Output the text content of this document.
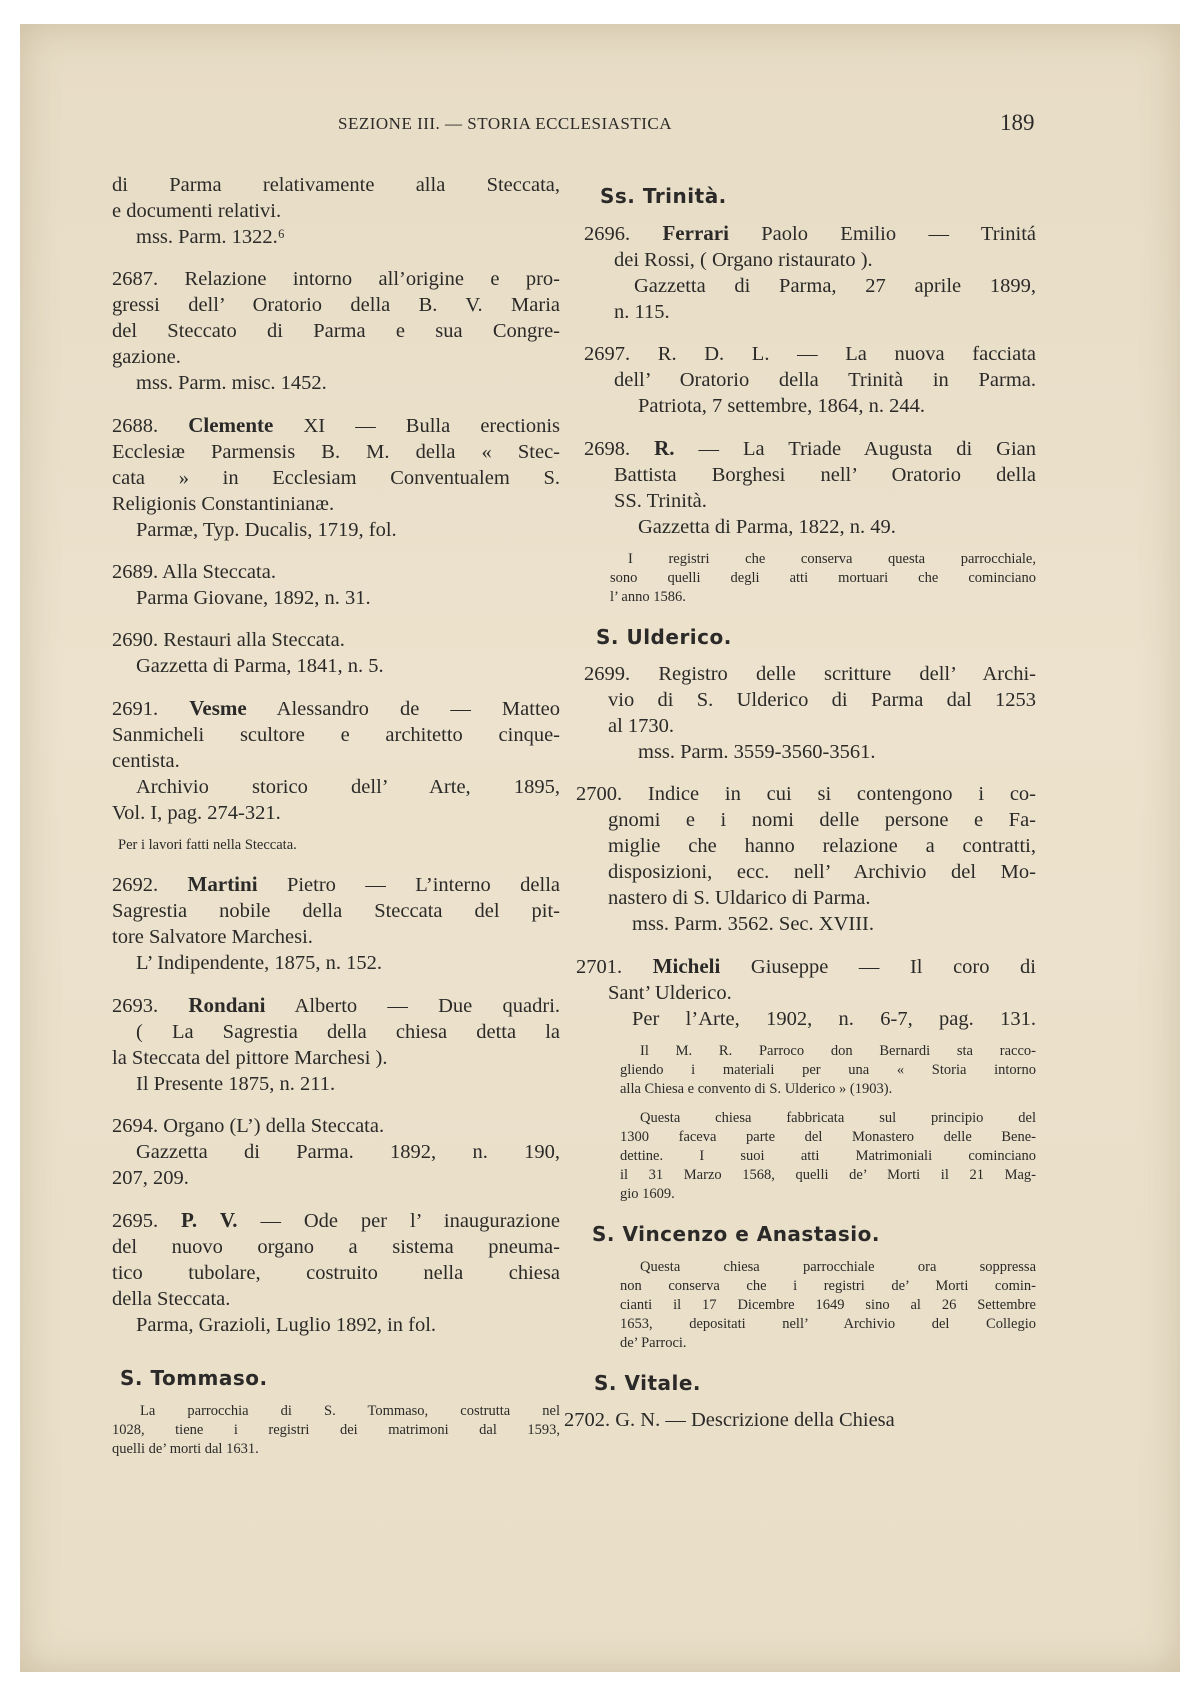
SEZIONE III. — STORIA ECCLESIASTICA	189
di Parma relativamente alla Steccata,
e documenti relativi.
mss. Parm. 1322.⁶
2687. Relazione intorno all’origine e pro-
gressi dell’ Oratorio della B. V. Maria
del Steccato di Parma e sua Congre-
gazione.
mss. Parm. misc. 1452.
2688. Clemente XI — Bulla erectionis
Ecclesiæ Parmensis B. M. della « Stec-
cata » in Ecclesiam Conventualem S.
Religionis Constantinianæ.
Parmæ, Typ. Ducalis, 1719, fol.
2689. Alla Steccata.
Parma Giovane, 1892, n. 31.
2690. Restauri alla Steccata.
Gazzetta di Parma, 1841, n. 5.
2691. Vesme Alessandro de — Matteo
Sanmicheli scultore e architetto cinque-
centista.
Archivio storico dell’ Arte, 1895,
Vol. I, pag. 274-321.
Per i lavori fatti nella Steccata.
2692. Martini Pietro — L’interno della
Sagrestia nobile della Steccata del pit-
tore Salvatore Marchesi.
L’ Indipendente, 1875, n. 152.
2693. Rondani Alberto — Due quadri.
( La Sagrestia della chiesa detta la
la Steccata del pittore Marchesi ).
Il Presente 1875, n. 211.
2694. Organo (L’) della Steccata.
Gazzetta di Parma. 1892, n. 190,
207, 209.
2695. P. V. — Ode per l’ inaugurazione
del nuovo organo a sistema pneuma-
tico tubolare, costruito nella chiesa
della Steccata.
Parma, Grazioli, Luglio 1892, in fol.
S. Tommaso.
La parrocchia di S. Tommaso, costrutta nel
1028, tiene i registri dei matrimoni dal 1593,
quelli de’ morti dal 1631.
Ss. Trinità.
2696. Ferrari Paolo Emilio — Trinitá
dei Rossi, ( Organo ristaurato ).
Gazzetta di Parma, 27 aprile 1899,
n. 115.
2697. R. D. L. — La nuova facciata
dell’ Oratorio della Trinità in Parma.
Patriota, 7 settembre, 1864, n. 244.
2698. R. — La Triade Augusta di Gian
Battista Borghesi nell’ Oratorio della
SS. Trinità.
Gazzetta di Parma, 1822, n. 49.
I registri che conserva questa parrocchiale,
sono quelli degli atti mortuari che cominciano
l’ anno 1586.
S. Ulderico.
2699. Registro delle scritture dell’ Archi-
vio di S. Ulderico di Parma dal 1253
al 1730.
mss. Parm. 3559-3560-3561.
2700. Indice in cui si contengono i co-
gnomi e i nomi delle persone e Fa-
miglie che hanno relazione a contratti,
disposizioni, ecc. nell’ Archivio del Mo-
nastero di S. Uldarico di Parma.
mss. Parm. 3562. Sec. XVIII.
2701. Micheli Giuseppe — Il coro di
Sant’ Ulderico.
Per l’Arte, 1902, n. 6-7, pag. 131.
Il M. R. Parroco don Bernardi sta racco-
gliendo i materiali per una « Storia intorno
alla Chiesa e convento di S. Ulderico » (1903).
Questa chiesa fabbricata sul principio del
1300 faceva parte del Monastero delle Bene-
dettine. I suoi atti Matrimoniali cominciano
il 31 Marzo 1568, quelli de’ Morti il 21 Mag-
gio 1609.
S. Vincenzo e Anastasio.
Questa chiesa parrocchiale ora soppressa
non conserva che i registri de’ Morti comin-
cianti il 17 Dicembre 1649 sino al 26 Settembre
1653, depositati nell’ Archivio del Collegio
de’ Parroci.
S. Vitale.
2702. G. N. — Descrizione della Chiesa
